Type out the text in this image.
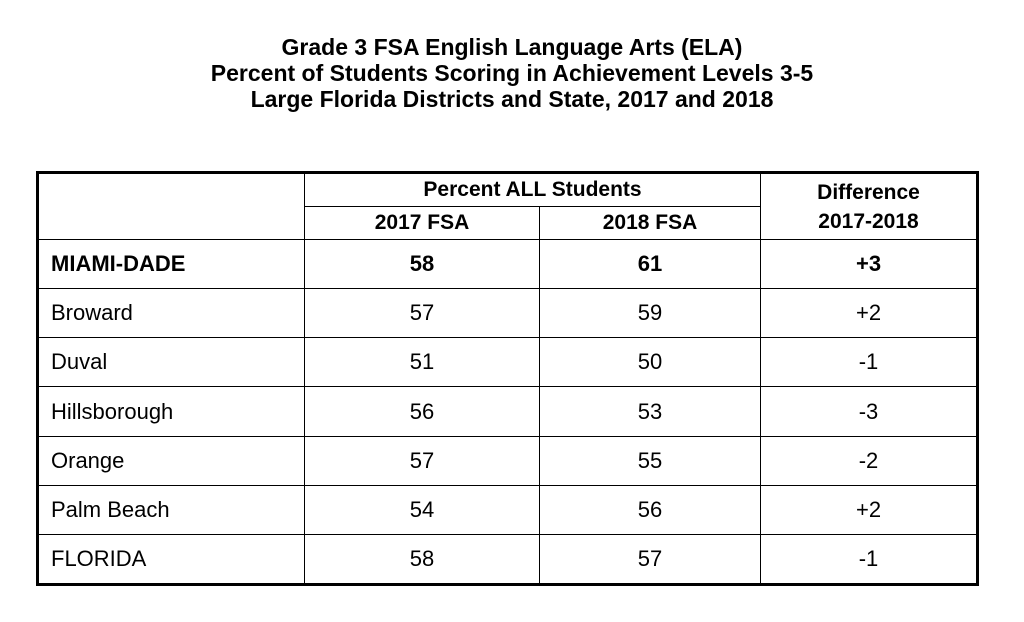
Grade 3 FSA English Language Arts (ELA)
Percent of Students Scoring in Achievement Levels 3-5
Large Florida Districts and State, 2017 and 2018
	Percent ALL Students		Difference
2017-2018

	2017 FSA	2018 FSA	
MIAMI-DADE	58	61	+3
Broward	57	59	+2
Duval	51	50	-1
Hillsborough	56	53	-3
Orange	57	55	-2
Palm Beach	54	56	+2
FLORIDA	58	57	-1
